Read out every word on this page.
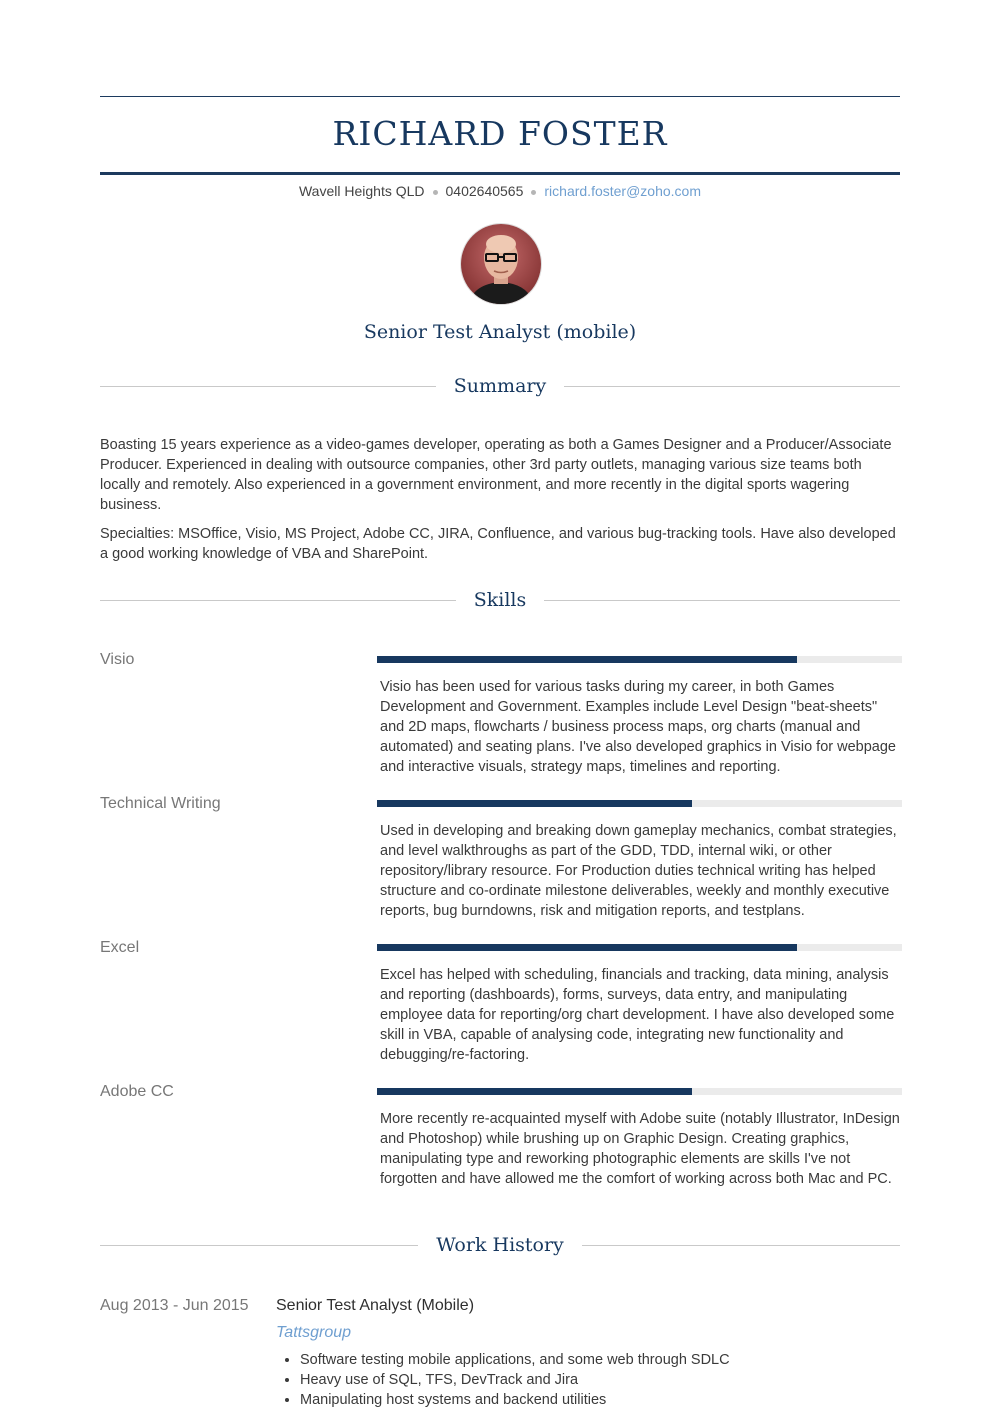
RICHARD FOSTER
Wavell Heights QLD 0402640565 richard.foster@zoho.com
Senior Test Analyst (mobile)
Summary
Boasting 15 years experience as a video-games developer, operating as both a Games Designer and a Producer/Associate Producer. Experienced in dealing with outsource companies, other 3rd party outlets, managing various size teams both locally and remotely. Also experienced in a government environment, and more recently in the digital sports wagering business.
Specialties: MSOffice, Visio, MS Project, Adobe CC, JIRA, Confluence, and various bug-tracking tools. Have also developed a good working knowledge of VBA and SharePoint.
Skills
Visio
Visio has been used for various tasks during my career, in both Games Development and Government. Examples include Level Design "beat-sheets" and 2D maps, flowcharts / business process maps, org charts (manual and automated) and seating plans. I've also developed graphics in Visio for webpage and interactive visuals, strategy maps, timelines and reporting.
Technical Writing
Used in developing and breaking down gameplay mechanics, combat strategies, and level walkthroughs as part of the GDD, TDD, internal wiki, or other repository/library resource. For Production duties technical writing has helped structure and co-ordinate milestone deliverables, weekly and monthly executive reports, bug burndowns, risk and mitigation reports, and testplans.
Excel
Excel has helped with scheduling, financials and tracking, data mining, analysis and reporting (dashboards), forms, surveys, data entry, and manipulating employee data for reporting/org chart development. I have also developed some skill in VBA, capable of analysing code, integrating new functionality and debugging/re-factoring.
Adobe CC
More recently re-acquainted myself with Adobe suite (notably Illustrator, InDesign and Photoshop) while brushing up on Graphic Design. Creating graphics, manipulating type and reworking photographic elements are skills I've not forgotten and have allowed me the comfort of working across both Mac and PC.
Work History
Aug 2013 - Jun 2015 Senior Test Analyst (Mobile)
Tattsgroup
• Software testing mobile applications, and some web through SDLC
• Heavy use of SQL, TFS, DevTrack and Jira
• Manipulating host systems and backend utilities
